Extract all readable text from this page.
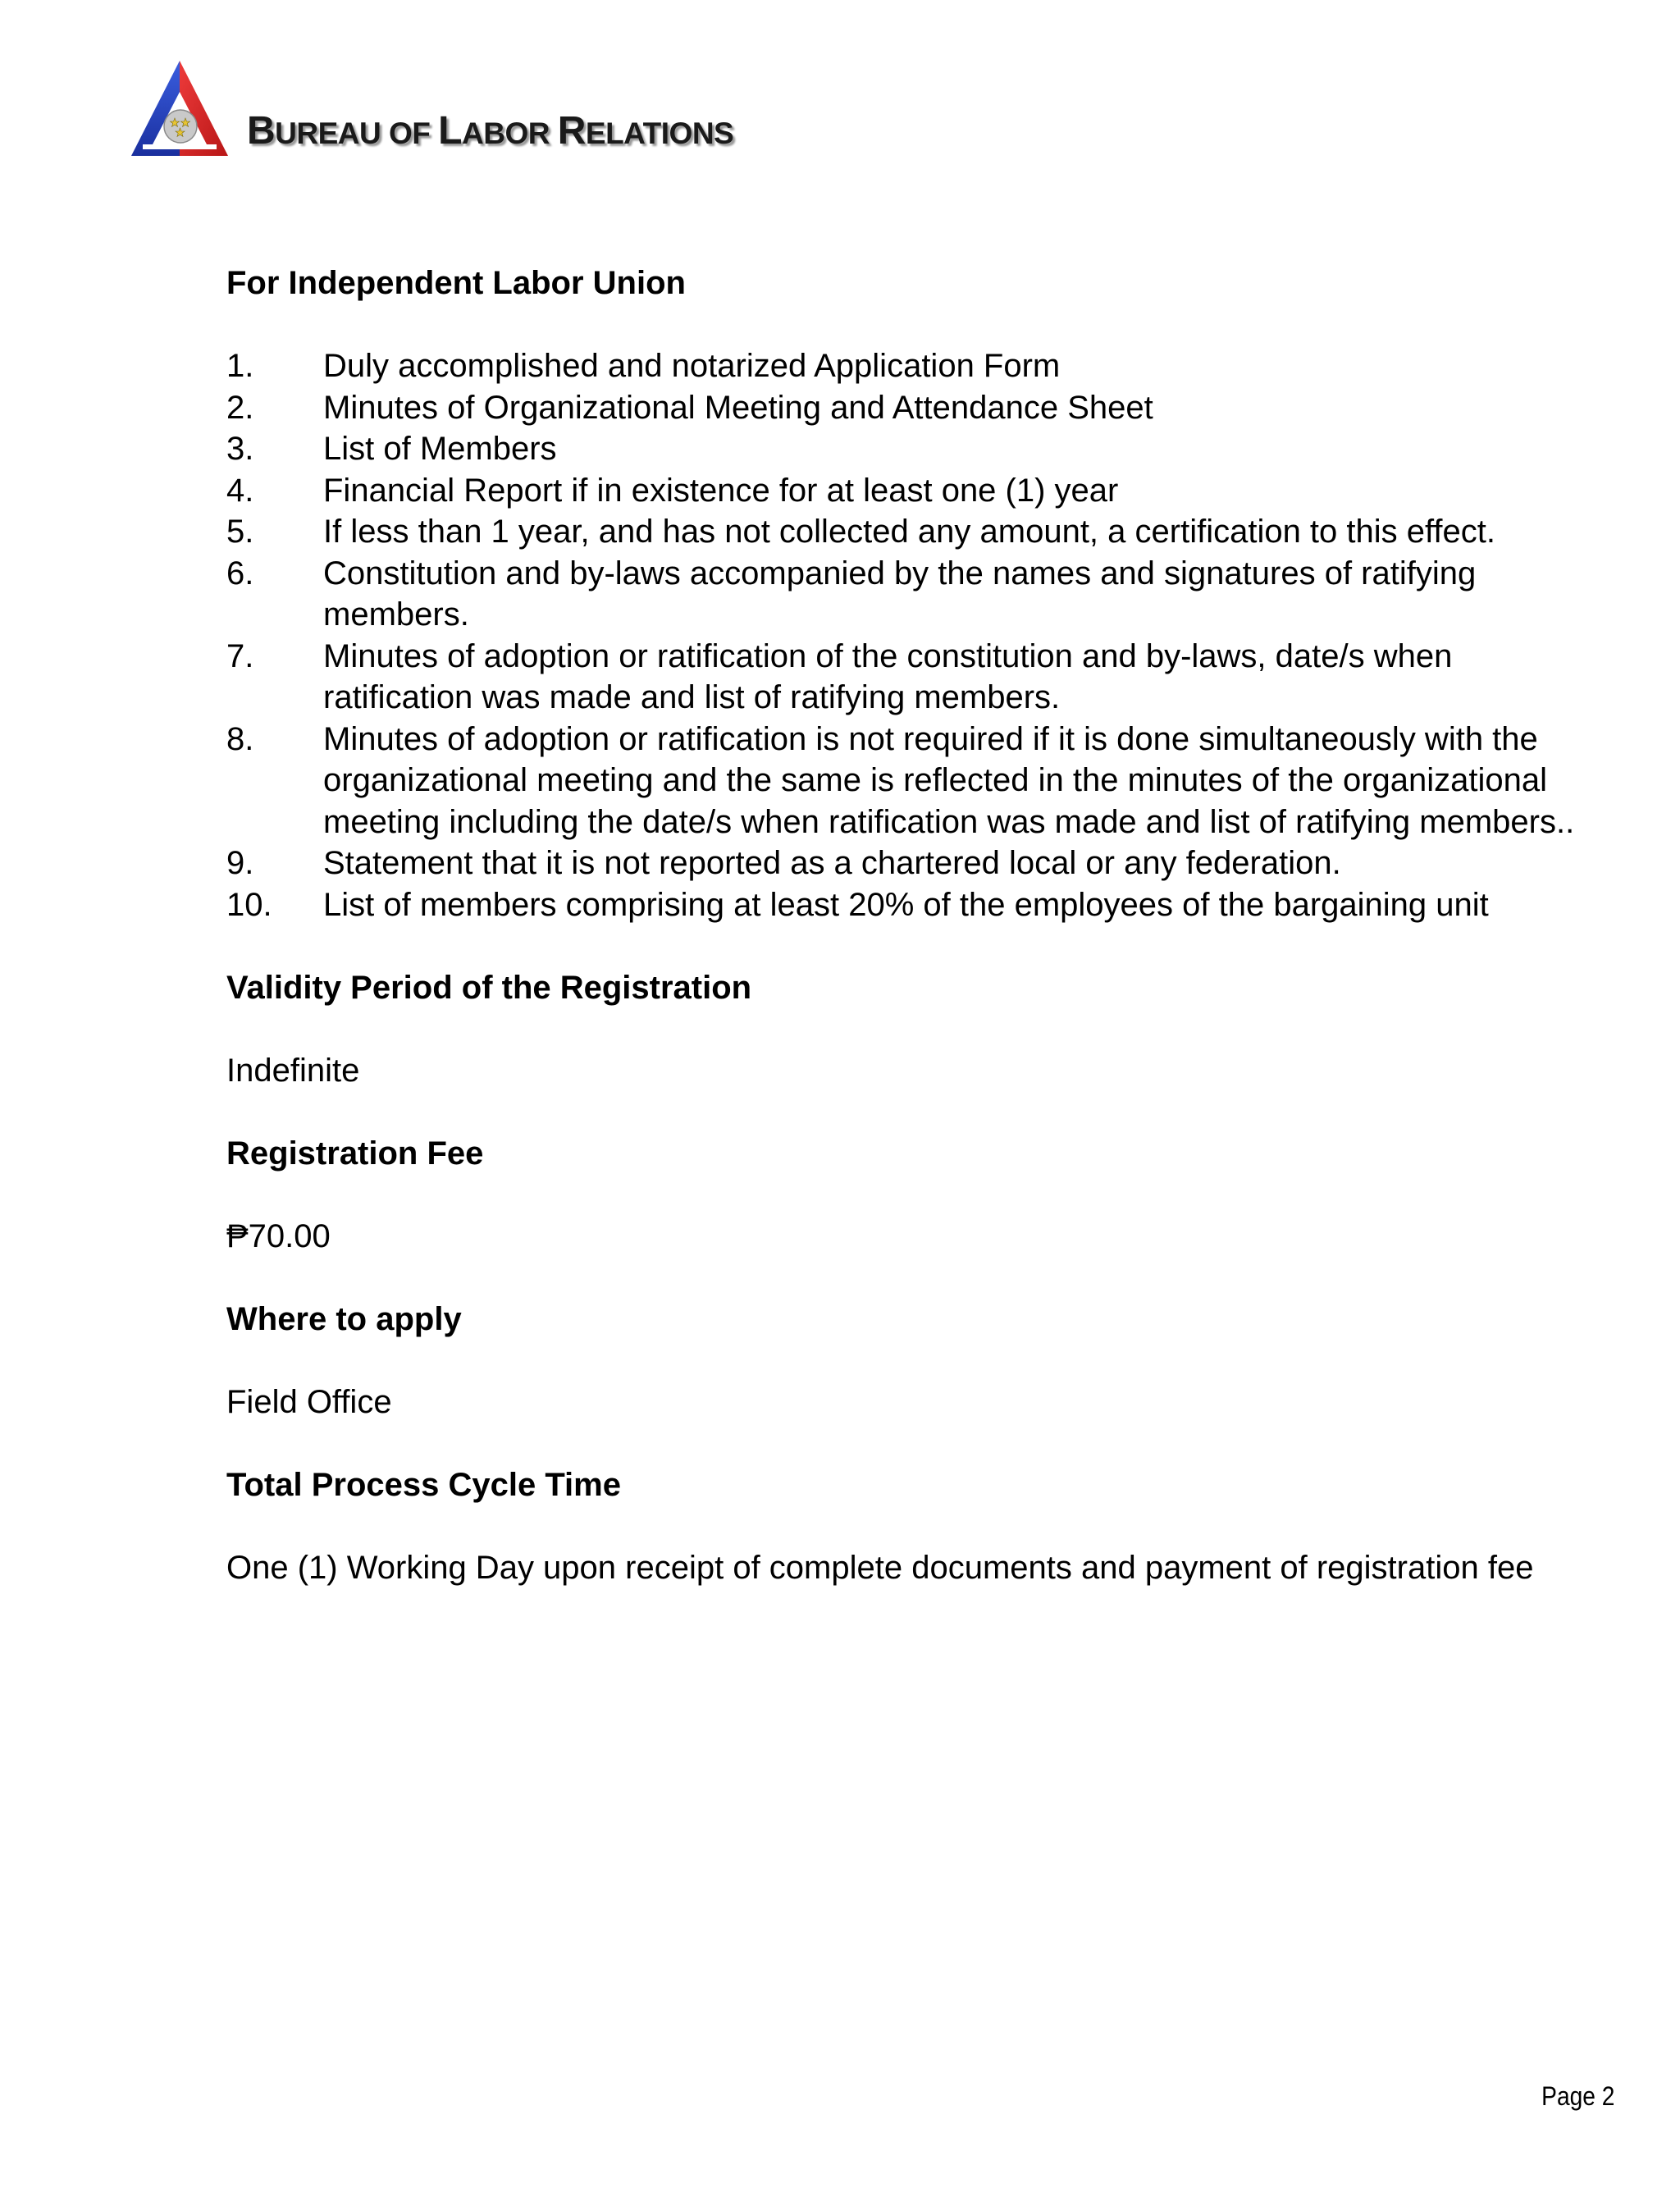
BUREAU OF LABOR RELATIONS

For Independent Labor Union

1.	Duly accomplished and notarized Application Form
2.	Minutes of Organizational Meeting and Attendance Sheet
3.	List of Members
4.	Financial Report if in existence for at least one (1) year
5.	If less than 1 year, and has not collected any amount, a certification to this effect.
6.	Constitution and by-laws accompanied by the names and signatures of ratifying members.
7.	Minutes of adoption or ratification of the constitution and by-laws, date/s when ratification was made and list of ratifying members.
8.	Minutes of adoption or ratification is not required if it is done simultaneously with the organizational meeting and the same is reflected in the minutes of the organizational meeting including the date/s when ratification was made and list of ratifying members..
9.	Statement that it is not reported as a chartered local or any federation.
10.	List of members comprising at least 20% of the employees of the bargaining unit

Validity Period of the Registration

Indefinite

Registration Fee

₱70.00

Where to apply

Field Office

Total Process Cycle Time

One (1) Working Day upon receipt of complete documents and payment of registration fee

Page 2
